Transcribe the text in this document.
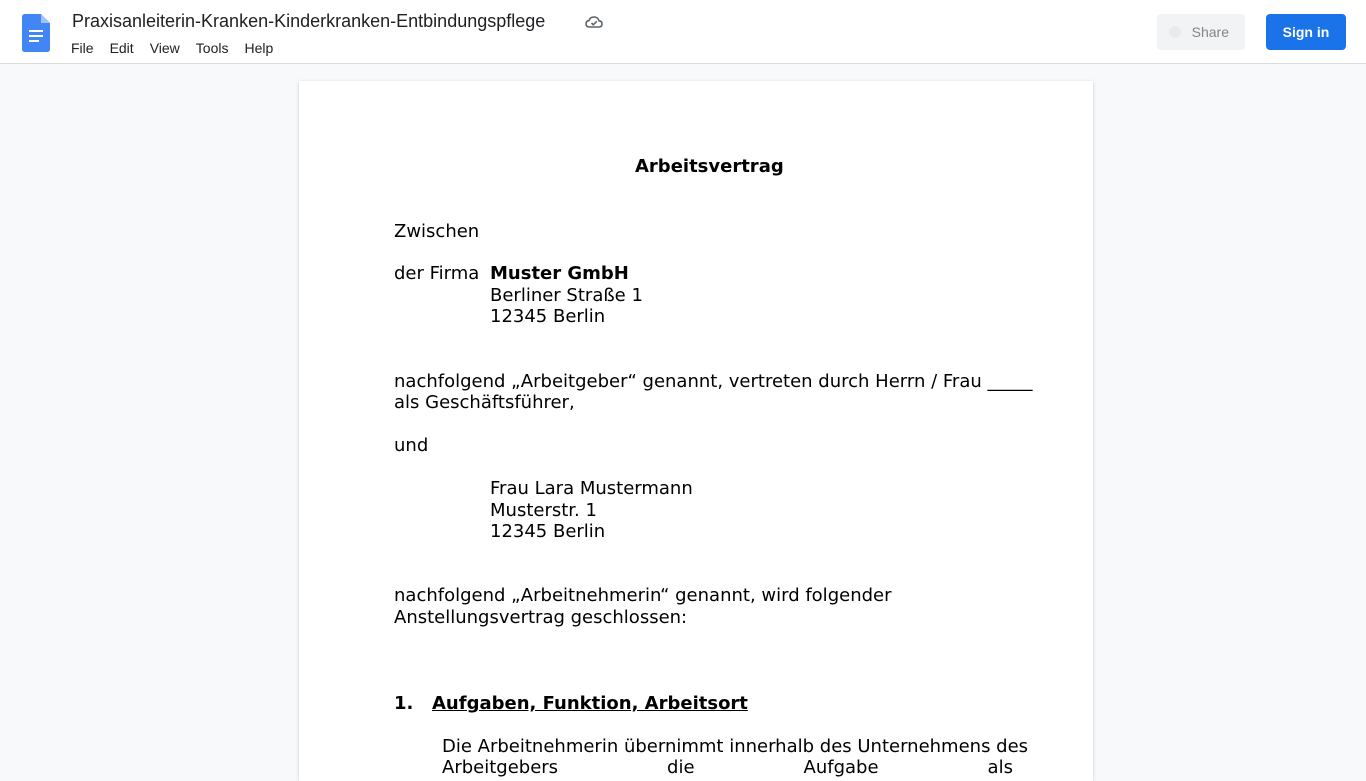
Praxisanleiterin-Kranken-Kinderkranken-Entbindungspflege
File	Edit	View	Tools	Help
Share	Sign in
Arbeitsvertrag
Zwischen
der Firma Muster GmbH
Berliner Straße 1
12345 Berlin
nachfolgend „Arbeitgeber“ genannt, vertreten durch Herrn / Frau _____
als Geschäftsführer,
und
Frau Lara Mustermann
Musterstr. 1
12345 Berlin
nachfolgend „Arbeitnehmerin“ genannt, wird folgender
Anstellungsvertrag geschlossen:
1. Aufgaben, Funktion, Arbeitsort
Die Arbeitnehmerin übernimmt innerhalb des Unternehmens des
Arbeitgebers	die	Aufgabe	als
